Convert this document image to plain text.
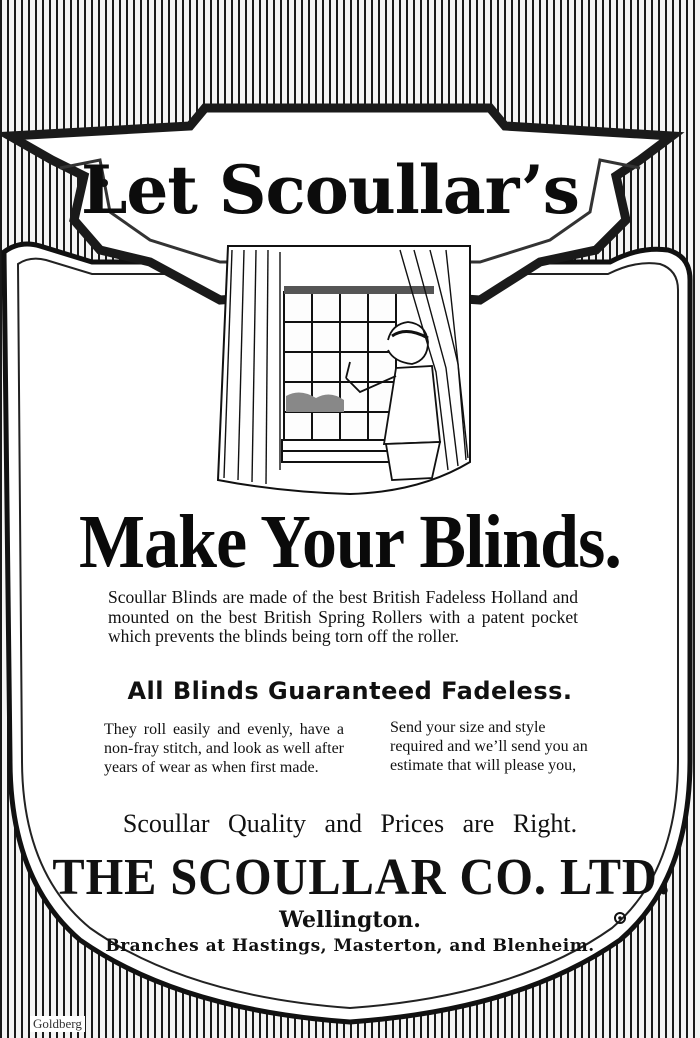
Let Scoullar’s
Make Your Blinds.
Scoullar Blinds are made of the best British Fadeless Holland and mounted on the best British Spring Rollers with a patent pocket which prevents the blinds being torn off the roller.
All Blinds Guaranteed Fadeless.
They roll easily and evenly, have a non-fray stitch, and look as well after years of wear as when first made.
Send your size and style required and we’ll send you an estimate that will please you,
Scoullar Quality and Prices are Right.
THE SCOULLAR CO. LTD.
Wellington.
Branches at Hastings, Masterton, and Blenheim.
Goldberg
